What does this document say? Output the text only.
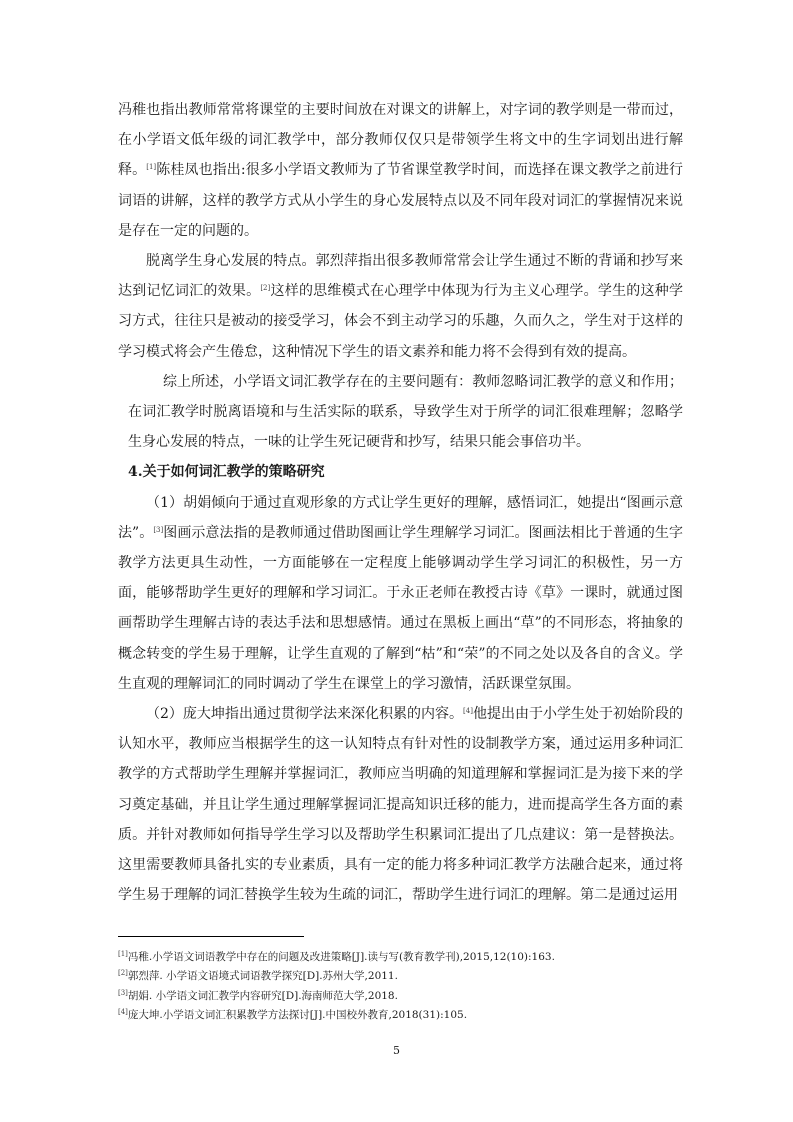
冯稚也指出教师常常将课堂的主要时间放在对课文的讲解上，对字词的教学则是一带而过，在小学语文低年级的词汇教学中，部分教师仅仅只是带领学生将文中的生字词划出进行解释。[1]陈桂凤也指出:很多小学语文教师为了节省课堂教学时间，而选择在课文教学之前进行词语的讲解，这样的教学方式从小学生的身心发展特点以及不同年段对词汇的掌握情况来说是存在一定的问题的。

脱离学生身心发展的特点。郭烈萍指出很多教师常常会让学生通过不断的背诵和抄写来达到记忆词汇的效果。[2]这样的思维模式在心理学中体现为行为主义心理学。学生的这种学习方式，往往只是被动的接受学习，体会不到主动学习的乐趣，久而久之，学生对于这样的学习模式将会产生倦怠，这种情况下学生的语文素养和能力将不会得到有效的提高。

综上所述，小学语文词汇教学存在的主要问题有：教师忽略词汇教学的意义和作用；在词汇教学时脱离语境和与生活实际的联系，导致学生对于所学的词汇很难理解；忽略学生身心发展的特点，一味的让学生死记硬背和抄写，结果只能会事倍功半。

4.关于如何词汇教学的策略研究

（1）胡娟倾向于通过直观形象的方式让学生更好的理解，感悟词汇，她提出“图画示意法”。[3]图画示意法指的是教师通过借助图画让学生理解学习词汇。图画法相比于普通的生字教学方法更具生动性，一方面能够在一定程度上能够调动学生学习词汇的积极性，另一方面，能够帮助学生更好的理解和学习词汇。于永正老师在教授古诗《草》一课时，就通过图画帮助学生理解古诗的表达手法和思想感情。通过在黑板上画出“草”的不同形态，将抽象的概念转变的学生易于理解，让学生直观的了解到“枯”和“荣”的不同之处以及各自的含义。学生直观的理解词汇的同时调动了学生在课堂上的学习激情，活跃课堂氛围。

（2）庞大坤指出通过贯彻学法来深化积累的内容。[4]他提出由于小学生处于初始阶段的认知水平，教师应当根据学生的这一认知特点有针对性的设制教学方案，通过运用多种词汇教学的方式帮助学生理解并掌握词汇，教师应当明确的知道理解和掌握词汇是为接下来的学习奠定基础，并且让学生通过理解掌握词汇提高知识迁移的能力，进而提高学生各方面的素质。并针对教师如何指导学生学习以及帮助学生积累词汇提出了几点建议：第一是替换法。这里需要教师具备扎实的专业素质，具有一定的能力将多种词汇教学方法融合起来，通过将学生易于理解的词汇替换学生较为生疏的词汇，帮助学生进行词汇的理解。第二是通过运用

[1]冯稚.小学语文词语教学中存在的问题及改进策略[J].读与写(教育教学刊),2015,12(10):163.

[2]郭烈萍. 小学语文语境式词语教学探究[D].苏州大学,2011.

[3]胡娟. 小学语文词汇教学内容研究[D].海南师范大学,2018.

[4]庞大坤.小学语文词汇积累教学方法探讨[J].中国校外教育,2018(31):105.

5
